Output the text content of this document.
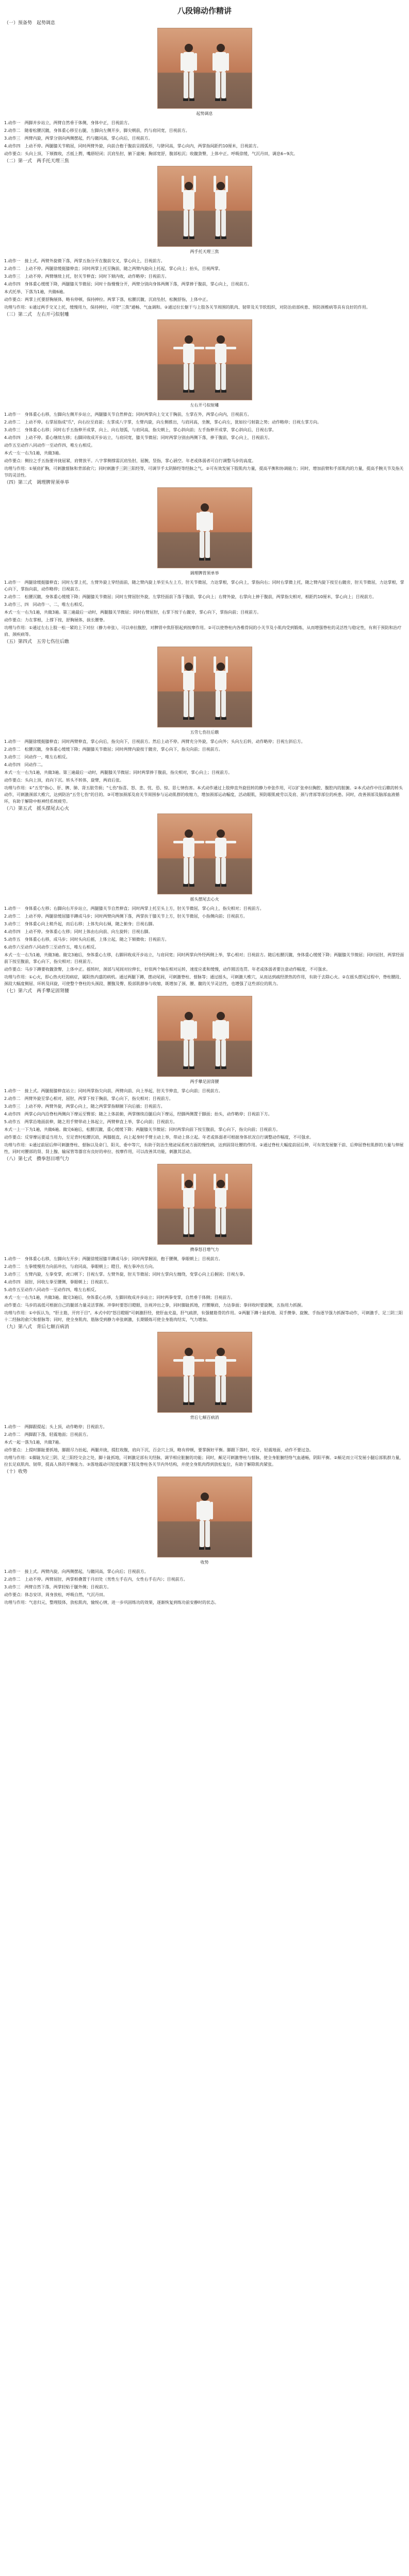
八段锦动作精讲
（一）预备势　起势调息
起势调息

1.动作一　两脚并步站立，两臂自然垂于体侧，身体中正，目视前方。

2.动作二　随着松腰沉髋，身体重心移至右腿，左脚向左侧开步，脚尖朝前，约与肩同宽，目视前方。

3.动作三　两臂内旋，两掌分别向两侧摆起，约与髋同高，掌心向后，目视前方。

4.动作四　上动不停。两腿膝关节稍屈，同时两臂外旋，向前合抱于腹前呈圆弧形，与脐同高，掌心向内，两掌指间距约10厘米，目视前方。

动作要点：头向上顶，下颏微收，舌抵上腭，嘴唇轻闭；沉肩坠肘，腋下虚掩；胸部宽舒，腹部松沉；收髋敛臀，上体中正。呼吸徐缓，气沉丹田，调息6~9次。

（二）第一式　两手托天理三焦
两手托天理三焦

1.动作一　接上式。两臂外旋微下落，两掌五指分开在腹前交叉，掌心向上，目视前方。

2.动作二　上动不停。两腿徐缓挺膝伸直；同时两掌上托至胸前，随之两臂内旋向上托起，掌心向上；抬头，目视两掌。

3.动作三　上动不停。两臂继续上托，肘关节伸直；同时下颏内收，动作略停；目视前方。

4.动作四　身体重心缓缓下降，两腿膝关节微屈；同时十指慢慢分开，两臂分别向身体两侧下落，两掌捧于腹前，掌心向上，目视前方。

本式托举、下落为1遍，共做6遍。

动作要点：两掌上托要舒胸展体，略有停顿，保持抻拉。两掌下落，松腰沉髋，沉肩坠肘，松腕舒指，上体中正。

功理与作用：①通过两手交叉上托，缓慢用力，保持抻拉，可使"三焦"通畅、气血调和。②通过拉长躯干与上肢各关节周围的肌肉、韧带及关节软组织，对防治肩部疾患、预防颈椎病等具有良好的作用。

（三）第二式　左右开弓似射雕
左右开弓似射雕

1.动作一　身体重心右移，左脚向左侧开步站立，两腿膝关节自然伸直；同时两掌向上交叉于胸前，左掌在外，两掌心向内，目视前方。

2.动作二　上动不停。右掌屈指成"爪"，向右拉至肩前；左掌成八字掌，左臂内旋，向左侧推出，与肩同高，坐腕，掌心向左，犹如拉弓射箭之势；动作略停；目视左掌方向。

3.动作三　身体重心右移；同时右手五指伸开成掌，向上、向右划弧，与肩同高，指尖朝上，掌心斜向前；左手指伸开成掌，掌心斜向后，目视右掌。

4.动作四　上动不停。重心继续左移；右脚回收成开步站立，与肩同宽，膝关节微屈；同时两掌分别由两侧下落，捧于腹前，掌心向上，目视前方。

动作五至动作八同动作一至动作四，唯左右相反。

本式一左一右为1遍，共做3遍。

动作要点：侧拉之手五指要并拢屈紧，肩臂放平。八字掌侧撑需沉肩坠肘，屈腕，竖指，掌心涵空。年老或体弱者可自行调整马步的高度。

功理与作用：①展肩扩胸，可刺激督脉和背部俞穴；同时刺激手三阴三阳经等，可调节手太阴肺经等经脉之气。②可有效发展下肢肌肉力量，提高平衡和协调能力；同时，增加前臂和手部肌肉的力量，提高手腕关节及指关节的灵活性。

（四）第三式　调理脾胃须单举
调理脾胃须单举

1.动作一　两腿徐缓挺膝伸直；同时左掌上托，左臂外旋上穿经面前，随之臂内旋上举至头左上方，肘关节微屈，力达掌根，掌心向上，掌指向右；同时右掌微上托，随之臂内旋下按至右髋旁，肘关节微屈，力达掌根，掌心向下，掌指向前，动作略停；目视前方。

2.动作二　松腰沉髋，身体重心缓缓下降；两腿膝关节微屈；同时左臂屈肘外旋，左掌经面前下落于腹前，掌心向上；右臂外旋，右掌向上捧于腹前，两掌指尖相对，相距约10厘米，掌心向上；目视前方。

3.动作三、四　同动作一、二，唯左右相反。

本式一左一右为1遍，共做3遍。第三遍最后一动时，两腿膝关节微屈；同时右臂屈肘，右掌下按于右髋旁，掌心向下，掌指向前；目视前方。

动作要点：力在掌根，上撑下按，舒胸展体，拔长腰脊。

功理与作用：①通过左右上肢一松一紧的上下对拉（静力牵张），可以牵拉腹腔，对脾胃中焦肝胆起到按摩作用。②可以使脊柱内各椎骨间的小关节及小肌肉受到锻炼，从而增强脊柱的灵活性与稳定性，有利于预防和治疗肩、颈疾病等。

（五）第四式　五劳七伤往后瞧
五劳七伤往后瞧

1.动作一　两腿徐缓挺膝伸直；同时两臂伸直，掌心向后，指尖向下，目视前方。然后上动不停。两臂充分外旋，掌心向外；头向左后转，动作略停；目视左斜后方。

2.动作二　松腰沉髋，身体重心缓缓下降；两腿膝关节微屈；同时两臂内旋按于髋旁，掌心向下，指尖向前；目视前方。

3.动作三　同动作一，唯左右相反。

4.动作四　同动作二。

本式一左一右为1遍，共做3遍。第三遍最后一动时，两腿膝关节微屈；同时两掌捧于腹前，指尖相对，掌心向上；目视前方。

动作要点：头向上顶，肩向下沉。转头不转体，旋臂，两肩后张。

功理与作用：①"五劳"指心、肝、脾、肺、肾五脏劳损；"七伤"指喜、怒、悲、忧、恐、惊、思七情伤害。本式动作通过上肢伸直外旋扭转的静力牵张作用，可以扩张牵拉胸腔、腹腔内的脏腑。②本式动作中往后瞧的转头动作，可刺激颈部大椎穴，达到防治"五劳七伤"的目的。③可增加颈部及肩关节周围参与运动肌群的收缩力，增加颈部运动幅度，活动眼肌，预防眼肌疲劳以及肩、颈与背部等部位的疾患。同时，改善颈部及脑部血液循环，有助于解除中枢神经系统疲劳。

（六）第五式　摇头摆尾去心火
摇头摆尾去心火

1.动作一　身体重心左移；右脚向右开步站立，两腿膝关节自然伸直；同时两掌上托至头上方，肘关节微屈，掌心向上，指尖相对；目视前方。

2.动作二　上动不停。两腿徐缓屈膝半蹲成马步；同时两臂向两侧下落，两掌扶于膝关节上方，肘关节微屈，小指侧向前；目视前方。

3.动作三　身体重心向上稍升起，而后右移；上体先向右倾，随之俯身；目视右脚。

4.动作四　上动不停。身体重心左移；同时上体由右向前、向左旋转；目视右脚。

5.动作五　身体重心右移，成马步；同时头向后摇，上体立起，随之下颏微收；目视前方。

6.动作六至动作八同动作三至动作五，唯左右相反。

本式一左一右为1遍，共做3遍。做完3遍后，身体重心左移，右脚回收成开步站立，与肩同宽；同时两掌向外经两侧上举，掌心相对；目视前方。随后松腰沉髋，身体重心缓缓下降；两腿膝关节微屈；同时屈肘，两掌经面前下按至腹前，掌心向下，指尖相对；目视前方。

动作要点：马步下蹲要收髋敛臀，上体中正。摇转时，颈部与尾闾对拉伸长，好似两个轴在相对运转，速度应柔和缓慢，动作圆活连贯。年老或体弱者要注意动作幅度，不可强求。

功理与作用：①心火，即心热火旺的病症，属阳热内盛的病机。通过两腿下蹲，摆动尾闾，可刺激脊柱、督脉等；通过摇头，可刺激大椎穴，从而达到疏经泄热的作用，有助于去除心火。②在摇头摆尾过程中，脊柱腰段、颈段大幅度侧屈、环转及回旋，可使整个脊柱的头颈段、腰腹及臀、股部肌群参与收缩，既增加了颈、腰、髋的关节灵活性，也增强了这些部位的肌力。

（七）第六式　两手攀足固肾腰
两手攀足固肾腰

1.动作一　接上式。两腿挺膝伸直站立；同时两掌指尖向前，两臂向前、向上举起，肘关节伸直，掌心向前；目视前方。

2.动作二　两臂外旋至掌心相对，屈肘，两掌下按于胸前，掌心向下，指尖相对；目视前方。

3.动作三　上动不停。两臂外旋，两掌心向上，随之两掌掌指顺腋下向后插；目视前方。

4.动作四　两掌心向内沿脊柱两侧向下摩运至臀部；随之上体前俯，两掌继续沿腿后向下摩运，经脚两侧置于脚面；抬头，动作略停；目视前下方。

5.动作五　两掌沿地面前伸，随之用手臂带动上体起立，两臂伸直上举，掌心向前；目视前方。

本式一上一下为1遍，共做6遍。做完6遍后，松腰沉髋，重心缓缓下降；两腿膝关节微屈；同时两掌向前下按至腹前，掌心向下，指尖向前；目视前方。

动作要点：反穿摩运要适当用力，至足背时松腰沉肩，两膝挺直，向上起身时手臂主动上举，带动上体立起。年老或体弱者可根据身体状况自行调整动作幅度，不可强求。

功理与作用：①通过前屈后伸可刺激脊柱、督脉以及命门、阳关、委中等穴，有助于防治生殖泌尿系统方面的慢性病，达到固肾壮腰的作用。②通过脊柱大幅度前屈后伸，可有效发展躯干前、后伸屈脊柱肌群的力量与伸展性，同时对腰部的肾、肾上腺、输尿管等器官有良好的牵拉、按摩作用，可以改善其功能，刺激其活动。

（八）第七式　攒拳怒目增气力
攒拳怒目增气力

1.动作一　身体重心右移，左脚向左开步；两腿徐缓屈膝半蹲成马步；同时两掌握固，抱于腰侧，拳眼朝上；目视前方。

2.动作二　左拳缓慢用力向前冲出，与肩同高，拳眼朝上；瞪目，视左拳冲出方向。

3.动作三　左臂内旋，左拳变掌，虎口朝下；目视左掌。左臂外旋，肘关节微屈；同时左掌向左缠绕，变掌心向上后握固；目视左拳。

4.动作四　屈肘，回收左拳至腰侧，拳眼朝上；目视前方。

5.动作五至动作八同动作一至动作四，唯左右相反。

本式一左一右为1遍，共做3遍。做完3遍后，身体重心右移，左脚回收成并步站立；同时两拳变掌，自然垂于体侧；目视前方。

动作要点：马步的高低可根据自己的腿部力量灵活掌握。冲拳时要怒目瞪眼，注视冲出之拳，同时脚趾抓地，拧腰顺肩，力达拳面；拳回收时要旋腕，五指用力抓握。

功理与作用：①中医认为，"肝主筋，开窍于目"。本式中的"怒目瞪眼"可刺激肝经，使肝血充盈，肝气疏泄，有强健筋骨的作用。②两腿下蹲十趾抓地、双手攒拳、旋腕、手指逐节强力抓握等动作，可刺激手、足三阴三阳十二经脉的俞穴和督脉等；同时，使全身肌肉、筋脉受到静力牵张刺激，长期锻炼可使全身筋肉结实，气力增加。

（九）第八式　背后七颠百病消
背后七颠百病消

1.动作一　两脚跟提起；头上顶，动作略停；目视前方。

2.动作二　两脚跟下落，轻震地面；目视前方。

本式一起一落为1遍，共做7遍。

动作要点：上提时脚趾要抓地，脚跟尽力抬起，两腿并拢，提肛收腹，肩向下沉，百会穴上顶，略有停顿，要掌握好平衡。脚跟下落时，咬牙，轻震地面，动作不要过急。

功理与作用：①脚趾为足三阴、足三阳经交会之处，脚十趾抓地，可刺激足部有关经脉，调节相应脏腑的功能；同时，颠足可刺激脊柱与督脉，使全身脏腑经络气血通畅，阴阳平衡。②颠足而立可发展小腿后部肌群力量，拉长足底肌肉、韧带，提高人体的平衡能力。③落地震动可轻度刺激下肢及脊柱各关节内外结构，并使全身肌肉得到放松复位，有助于解除肌肉紧张。

（十）收势
收势

1.动作一　接上式。两臂内旋，向两侧摆起，与髋同高，掌心向后；目视前方。

2.动作二　上动不停。两臂屈肘，两掌相叠置于丹田处（男性左手在内，女性右手在内）；目视前方。

3.动作三　两臂自然下落，两掌轻贴于腿外侧；目视前方。

动作要点：体态安详，周身放松，呼吸自然，气沉丹田。

功理与作用：气息归元，整理肢体，放松肌肉，愉悦心情，进一步巩固练功的效果，逐渐恢复到练功前安静时的状态。
